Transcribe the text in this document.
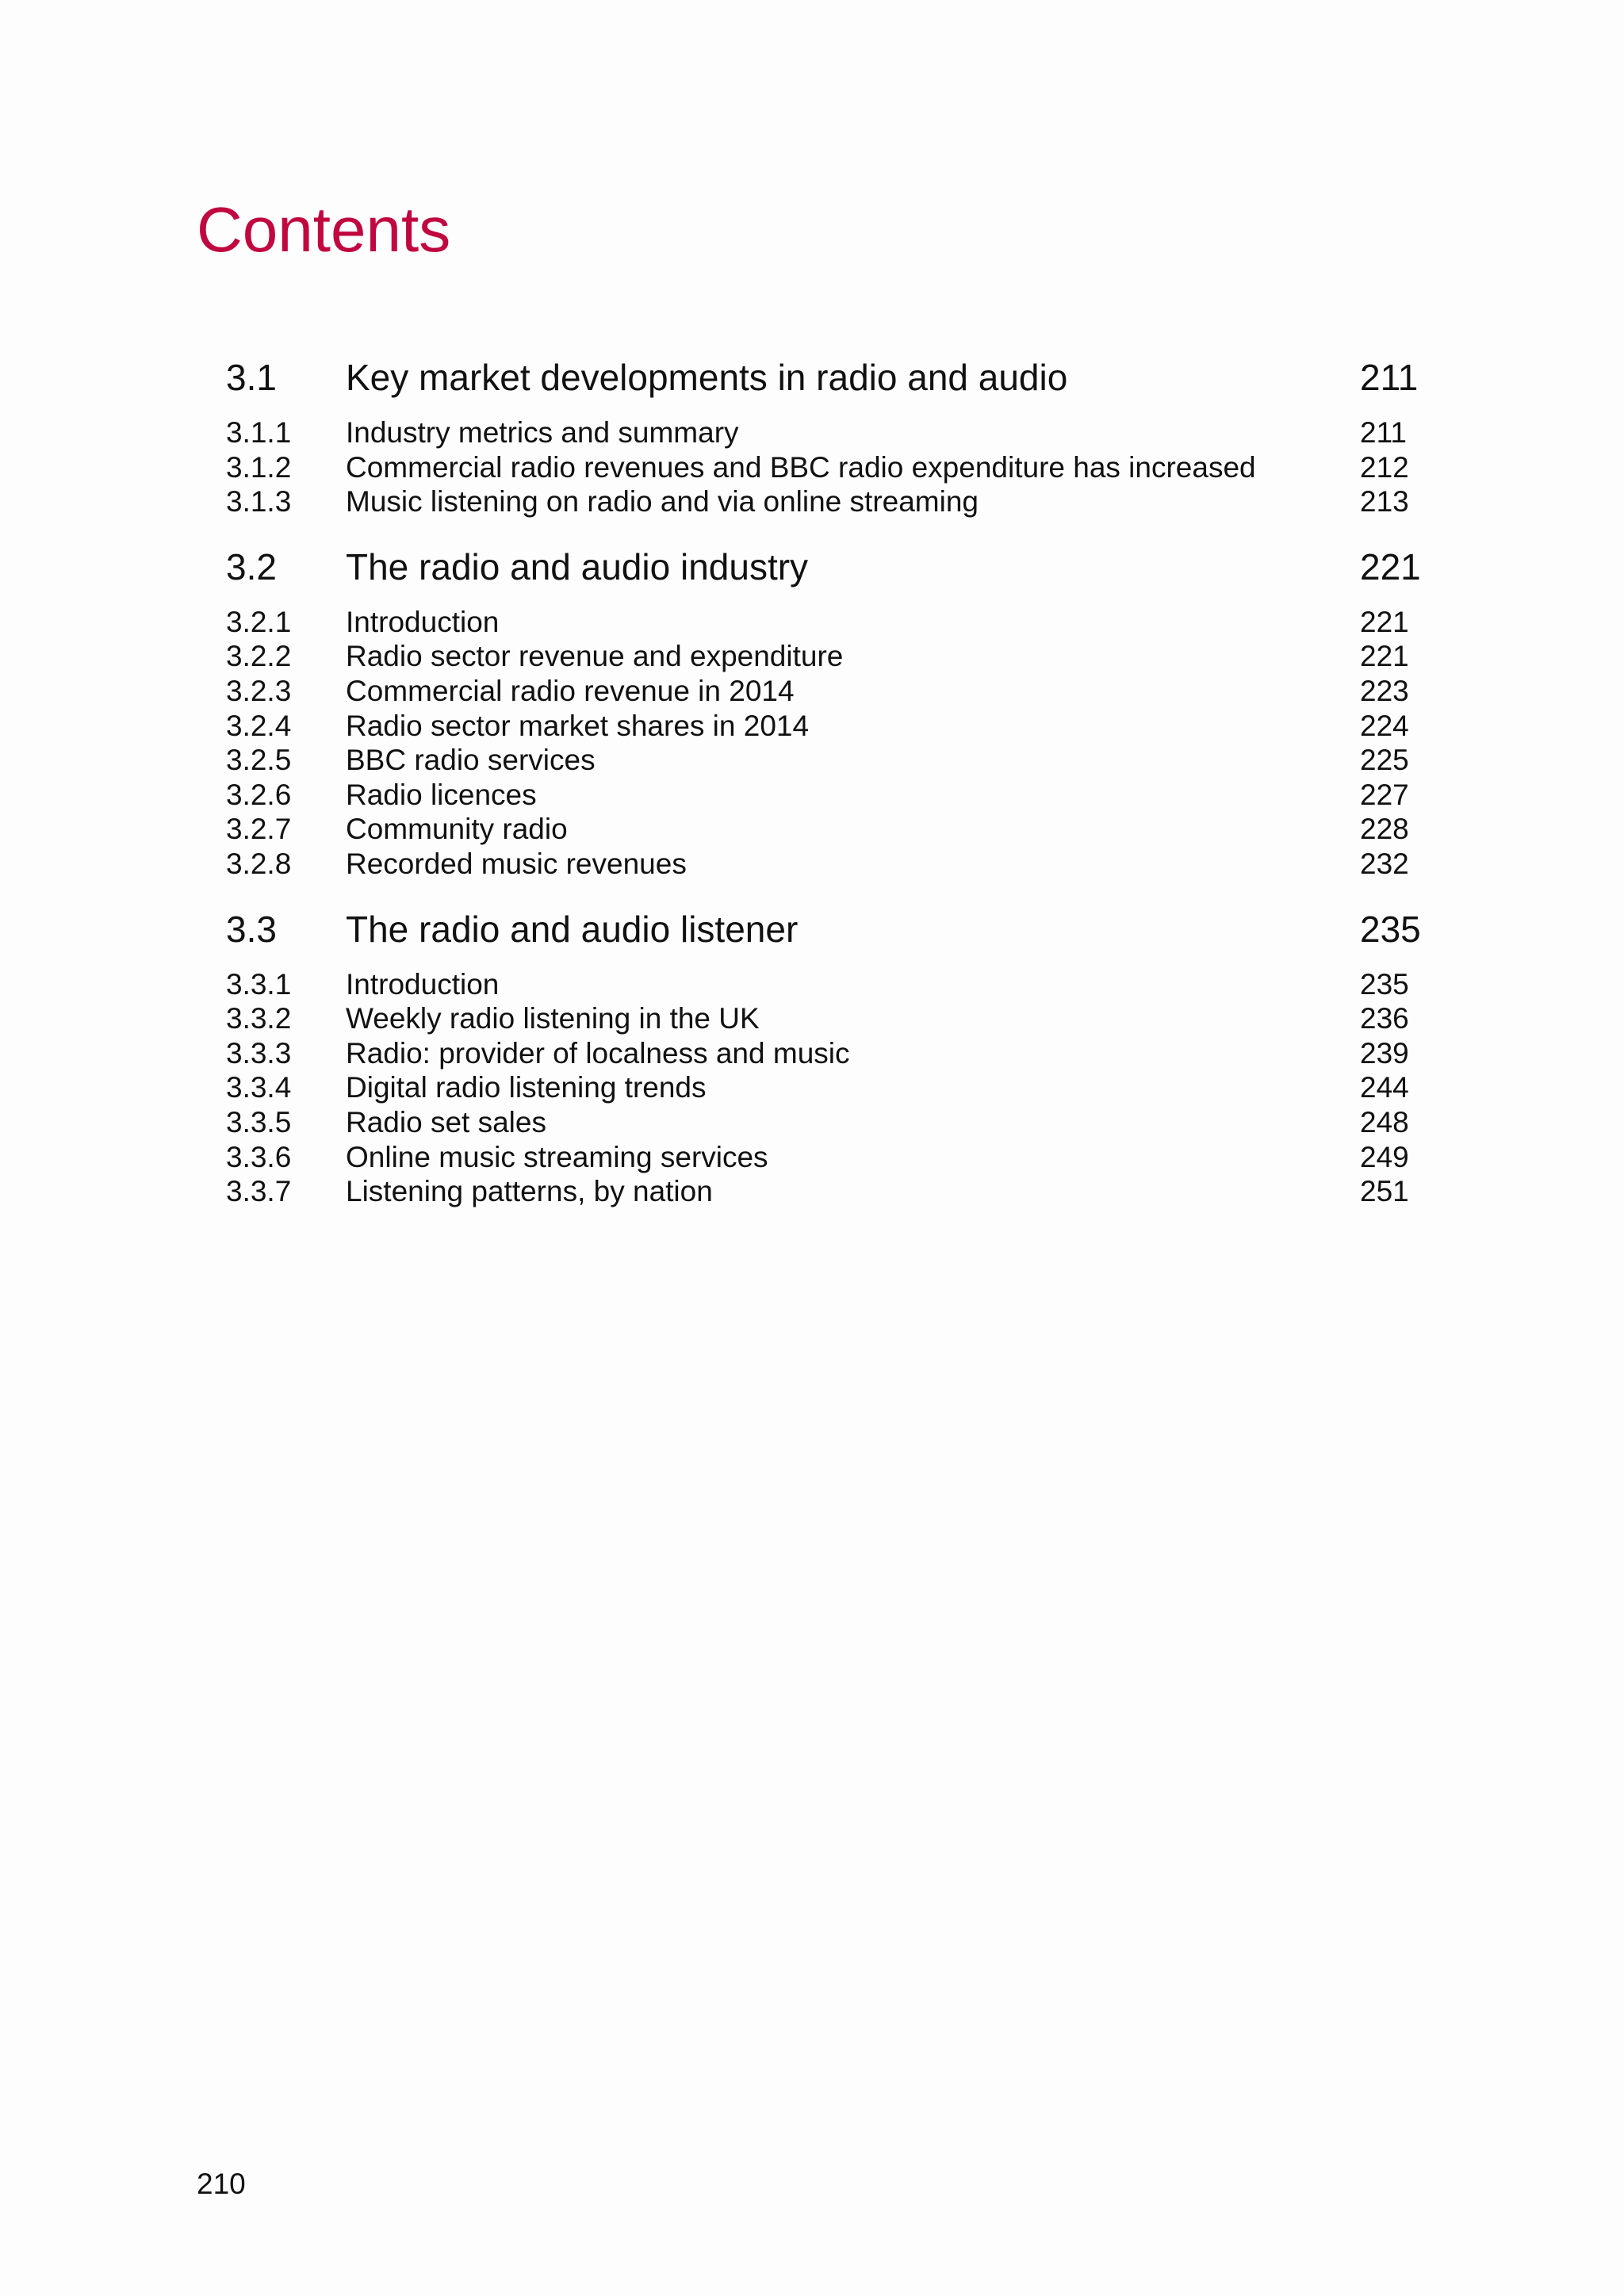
Contents
3.1	Key market developments in radio and audio	211
3.1.1	Industry metrics and summary	211
3.1.2	Commercial radio revenues and BBC radio expenditure has increased	212
3.1.3	Music listening on radio and via online streaming	213
3.2	The radio and audio industry	221
3.2.1	Introduction	221
3.2.2	Radio sector revenue and expenditure	221
3.2.3	Commercial radio revenue in 2014	223
3.2.4	Radio sector market shares in 2014	224
3.2.5	BBC radio services	225
3.2.6	Radio licences	227
3.2.7	Community radio	228
3.2.8	Recorded music revenues	232
3.3	The radio and audio listener	235
3.3.1	Introduction	235
3.3.2	Weekly radio listening in the UK	236
3.3.3	Radio: provider of localness and music	239
3.3.4	Digital radio listening trends	244
3.3.5	Radio set sales	248
3.3.6	Online music streaming services	249
3.3.7	Listening patterns, by nation	251
210
